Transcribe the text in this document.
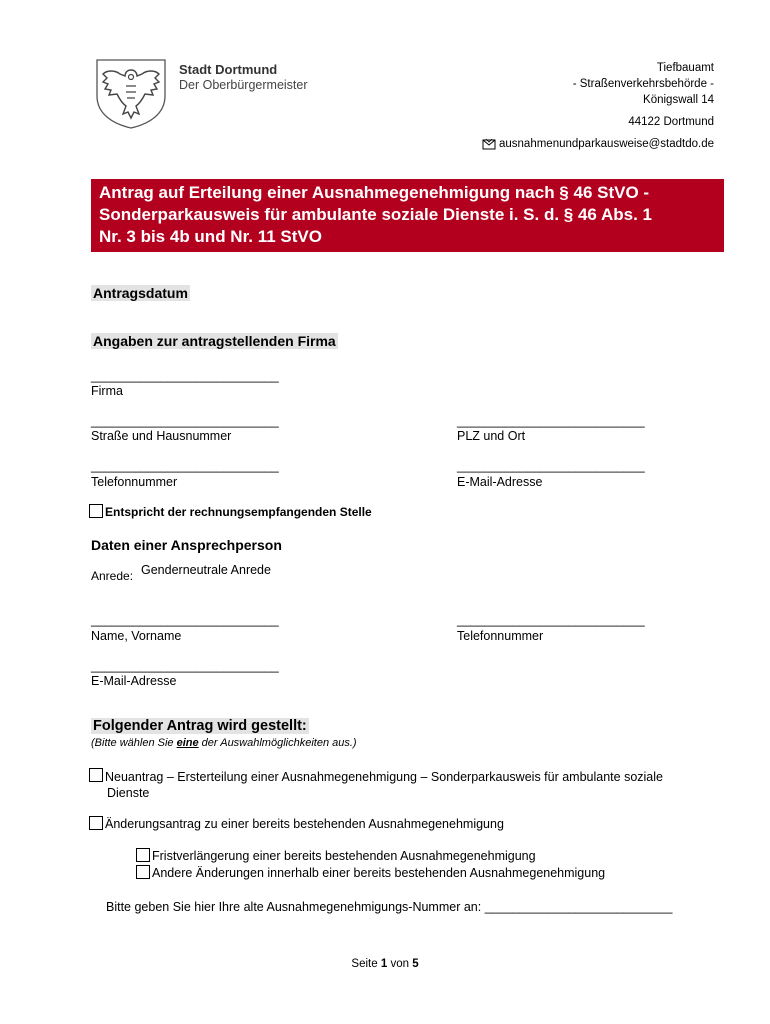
Stadt Dortmund
Der Oberbürgermeister
Tiefbauamt
- Straßenverkehrsbehörde -
Königswall 14
44122 Dortmund
ausnahmenundparkausweise@stadtdo.de
Antrag auf Erteilung einer Ausnahmegenehmigung nach § 46 StVO -
Sonderparkausweis für ambulante soziale Dienste i. S. d. § 46 Abs. 1
Nr. 3 bis 4b und Nr. 11 StVO
Antragsdatum
Angaben zur antragstellenden Firma
___________________________
Firma
___________________________
Straße und Hausnummer
___________________________
PLZ und Ort
___________________________
Telefonnummer
___________________________
E-Mail-Adresse
Entspricht der rechnungsempfangenden Stelle
Daten einer Ansprechperson
Anrede: Genderneutrale Anrede
___________________________
Name, Vorname
___________________________
Telefonnummer
___________________________
E-Mail-Adresse
Folgender Antrag wird gestellt:
(Bitte wählen Sie eine der Auswahlmöglichkeiten aus.)
Neuantrag – Ersterteilung einer Ausnahmegenehmigung – Sonderparkausweis für ambulante soziale
Dienste
Änderungsantrag zu einer bereits bestehenden Ausnahmegenehmigung
Fristverlängerung einer bereits bestehenden Ausnahmegenehmigung
Andere Änderungen innerhalb einer bereits bestehenden Ausnahmegenehmigung
Bitte geben Sie hier Ihre alte Ausnahmegenehmigungs-Nummer an: ___________________________
Seite 1 von 5
